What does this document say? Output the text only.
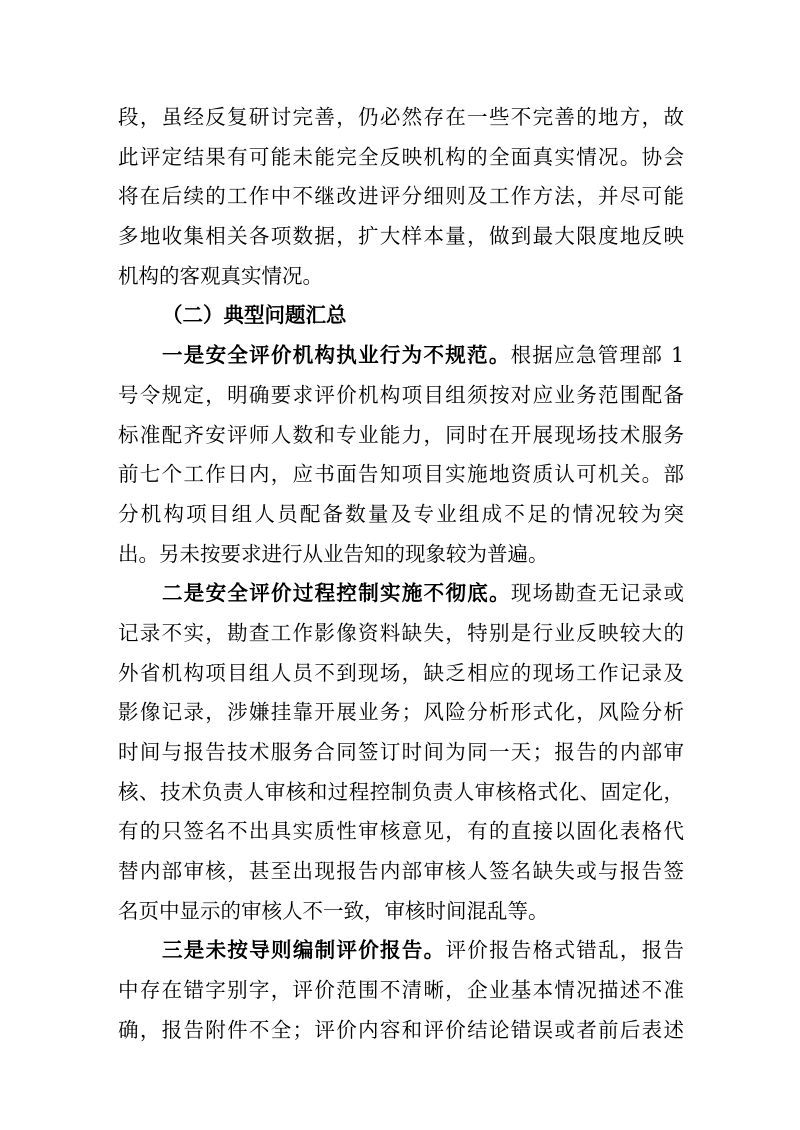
段，虽经反复研讨完善，仍必然存在一些不完善的地方，故
此评定结果有可能未能完全反映机构的全面真实情况。协会
将在后续的工作中不继改进评分细则及工作方法，并尽可能
多地收集相关各项数据，扩大样本量，做到最大限度地反映
机构的客观真实情况。
（二）典型问题汇总
一是安全评价机构执业行为不规范。根据应急管理部 1
号令规定，明确要求评价机构项目组须按对应业务范围配备
标准配齐安评师人数和专业能力，同时在开展现场技术服务
前七个工作日内，应书面告知项目实施地资质认可机关。部
分机构项目组人员配备数量及专业组成不足的情况较为突
出。另未按要求进行从业告知的现象较为普遍。
二是安全评价过程控制实施不彻底。现场勘查无记录或
记录不实，勘查工作影像资料缺失，特别是行业反映较大的
外省机构项目组人员不到现场，缺乏相应的现场工作记录及
影像记录，涉嫌挂靠开展业务；风险分析形式化，风险分析
时间与报告技术服务合同签订时间为同一天；报告的内部审
核、技术负责人审核和过程控制负责人审核格式化、固定化，
有的只签名不出具实质性审核意见，有的直接以固化表格代
替内部审核，甚至出现报告内部审核人签名缺失或与报告签
名页中显示的审核人不一致，审核时间混乱等。
三是未按导则编制评价报告。评价报告格式错乱，报告
中存在错字别字，评价范围不清晰，企业基本情况描述不准
确，报告附件不全；评价内容和评价结论错误或者前后表述
